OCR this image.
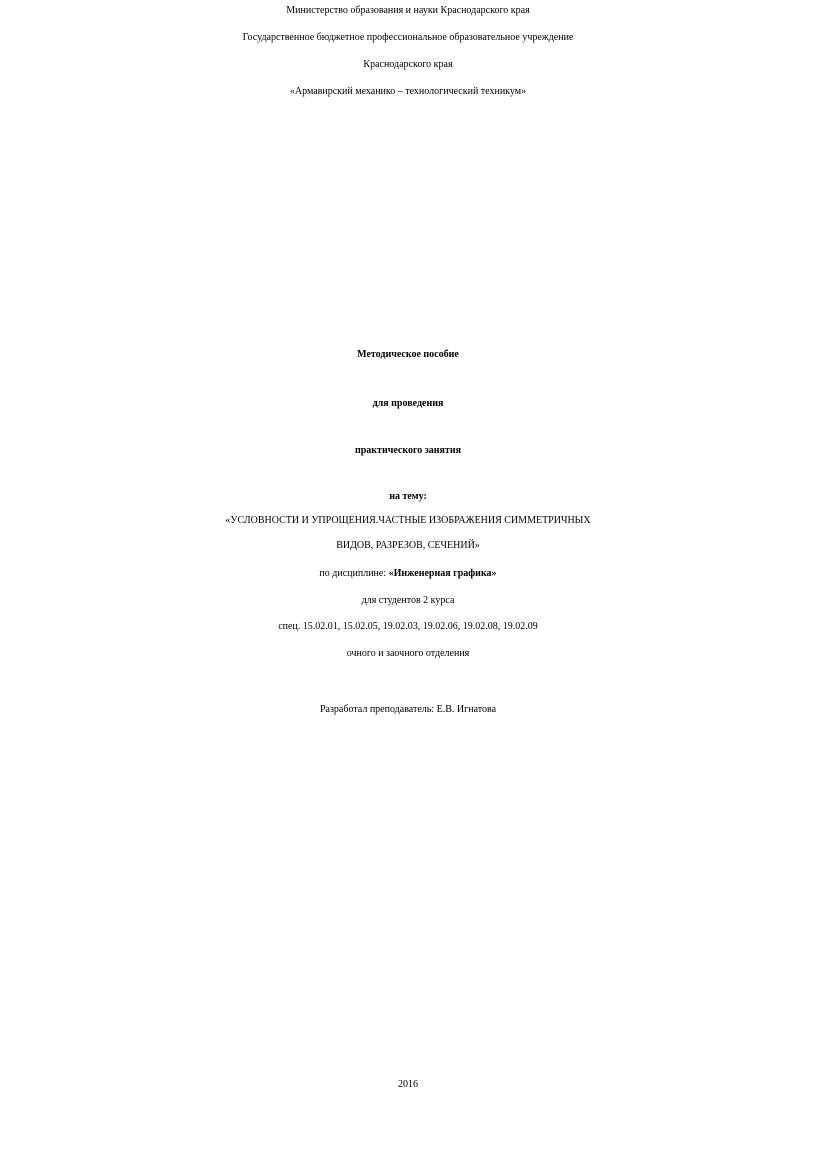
Министерство образования и науки Краснодарского края
Государственное бюджетное профессиональное образовательное учреждение
Краснодарского края
«Армавирский механико – технологический техникум»
Методическое пособие
для проведения
практического занятия
на тему:
«УСЛОВНОСТИ И УПРОЩЕНИЯ.ЧАСТНЫЕ ИЗОБРАЖЕНИЯ СИММЕТРИЧНЫХ
ВИДОВ, РАЗРЕЗОВ, СЕЧЕНИЙ»
по дисциплине: «Инженерная графика»
для студентов 2 курса
спец. 15.02.01, 15.02.05, 19.02.03, 19.02.06, 19.02.08, 19.02.09
очного и заочного отделения
Разработал преподаватель: Е.В. Игнатова
2016
